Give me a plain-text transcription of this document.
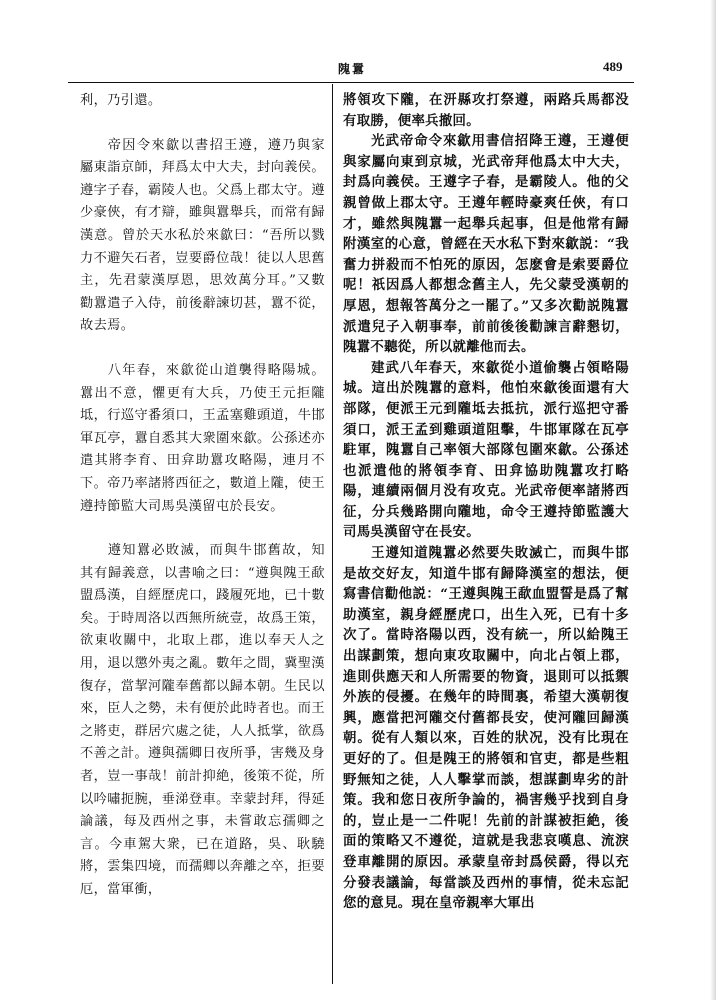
隗囂	489

利，乃引還。

帝因令來歙以書招王遵，遵乃與家屬東詣京師，拜爲太中大夫，封向義侯。遵字子春，霸陵人也。父爲上郡太守。遵少豪俠，有才辯，雖與囂舉兵，而常有歸漢意。曾於天水私於來歙曰：“吾所以戮力不避矢石者，豈要爵位哉！徒以人思舊主，先君蒙漢厚恩，思效萬分耳。”又數勸囂遣子入侍，前後辭諫切甚，囂不從，故去焉。

八年春，來歙從山道襲得略陽城。囂出不意，懼更有大兵，乃使王元拒隴坻，行巡守番須口，王孟塞雞頭道，牛邯軍瓦亭，囂自悉其大衆圍來歙。公孫述亦遣其將李育、田弇助囂攻略陽，連月不下。帝乃率諸將西征之，數道上隴，使王遵持節監大司馬吳漢留屯於長安。

遵知囂必敗滅，而與牛邯舊故，知其有歸義意，以書喻之曰：“遵與隗王歃盟爲漢，自經歷虎口，踐履死地，已十數矣。于時周洛以西無所統壹，故爲王策，欲東收關中，北取上郡，進以奉天人之用，退以懲外夷之亂。數年之間，冀聖漢復存，當挈河隴奉舊都以歸本朝。生民以來，臣人之勢，未有便於此時者也。而王之將吏，群居穴處之徒，人人抵掌，欲爲不善之計。遵與孺卿日夜所爭，害幾及身者，豈一事哉！前計抑絶，後策不從，所以吟嘯扼腕，垂涕登車。幸蒙封拜，得延論議，每及西州之事，未嘗敢忘孺卿之言。今車駕大衆，已在道路，吳、耿驍將，雲集四境，而孺卿以奔離之卒，拒要厄，當軍衝，

將領攻下隴，在汧縣攻打祭遵，兩路兵馬都没有取勝，便率兵撤回。

光武帝命令來歙用書信招降王遵，王遵便與家屬向東到京城，光武帝拜他爲太中大夫，封爲向義侯。王遵字子春，是霸陵人。他的父親曾做上郡太守。王遵年輕時豪爽任俠，有口才，雖然與隗囂一起舉兵起事，但是他常有歸附漢室的心意，曾經在天水私下對來歙説：“我奮力拼殺而不怕死的原因，怎麽會是索要爵位呢！祇因爲人都想念舊主人，先父蒙受漢朝的厚恩，想報答萬分之一罷了。”又多次勸説隗囂派遣兒子入朝事奉，前前後後勸諫言辭懇切，隗囂不聽從，所以就離他而去。

建武八年春天，來歙從小道偷襲占領略陽城。這出於隗囂的意料，他怕來歙後面還有大部隊，便派王元到隴坻去抵抗，派行巡把守番須口，派王孟到雞頭道阻擊，牛邯軍隊在瓦亭駐軍，隗囂自己率領大部隊包圍來歙。公孫述也派遣他的將領李育、田弇協助隗囂攻打略陽，連續兩個月没有攻克。光武帝便率諸將西征，分兵幾路開向隴地，命令王遵持節監護大司馬吳漢留守在長安。

王遵知道隗囂必然要失敗滅亡，而與牛邯是故交好友，知道牛邯有歸降漢室的想法，便寫書信勸他説：“王遵與隗王歃血盟誓是爲了幫助漢室，親身經歷虎口，出生入死，已有十多次了。當時洛陽以西，没有統一，所以給隗王出謀劃策，想向東攻取關中，向北占領上郡，進則供應天和人所需要的物資，退則可以抵禦外族的侵擾。在幾年的時間裏，希望大漢朝復興，應當把河隴交付舊都長安，使河隴回歸漢朝。從有人類以來，百姓的狀况，没有比現在更好的了。但是隗王的將領和官吏，都是些粗野無知之徒，人人擊掌而談，想謀劃卑劣的計策。我和您日夜所争論的，禍害幾乎找到自身的，豈止是一二件呢！先前的計謀被拒絶，後面的策略又不遵從，這就是我悲哀嘆息、流淚登車離開的原因。承蒙皇帝封爲侯爵，得以充分發表議論，每當談及西州的事情，從未忘記您的意見。現在皇帝親率大軍出
